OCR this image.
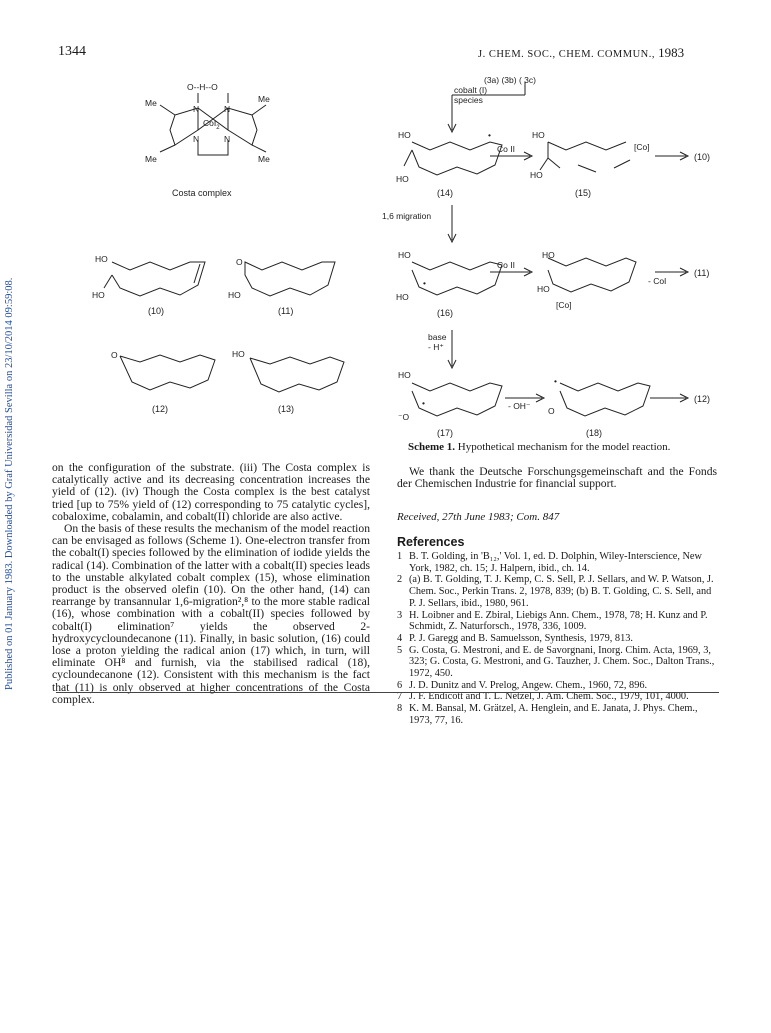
Published on 01 January 1983. Downloaded by Graf Universidad Sevilla on 23/10/2014 09:59:08.
1344	J. CHEM. SOC., CHEM. COMMUN., 1983
O--H--O
Me	Me
Me	Me
N	N
N	N
CoI$_2$
Costa complex
HO
HO
(10)
O
HO
(11)
O
(12)
HO
(13)
(3a) (3b) ( 3c)
cobalt (I)
species
HO
HO
•
Co II
(14)
HO
HO
[Co]
(10)
(15)
1,6 migration
HO
HO
•
Co II
(16)
HO
HO
[Co]
- CoI
(11)
base
- H⁺
HO
⁻O
•	- OH⁻ O
•
(12)
(17)	(18)
Scheme 1. Hypothetical mechanism for the model reaction.

on the configuration of the substrate. (iii) The Costa complex is catalytically active and its decreasing concentration increases the yield of (12). (iv) Though the Costa complex is the best catalyst tried [up to 75% yield of (12) corresponding to 75 catalytic cycles], cobaloxime, cobalamin, and cobalt(II) chloride are also active.

On the basis of these results the mechanism of the model reaction can be envisaged as follows (Scheme 1). One-electron transfer from the cobalt(I) species followed by the elimination of iodide yields the radical (14). Combination of the latter with a cobalt(II) species leads to the unstable alkylated cobalt complex (15), whose elimination product is the observed olefin (10). On the other hand, (14) can rearrange by transannular 1,6-migration²,⁸ to the more stable radical (16), whose combination with a cobalt(II) species followed by cobalt(I) elimination⁷ yields the observed 2-hydroxycycloundecanone (11). Finally, in basic solution, (16) could lose a proton yielding the radical anion (17) which, in turn, will eliminate OH⁸ and furnish, via the stabilised radical (18), cycloundecanone (12). Consistent with this mechanism is the fact that (11) is only observed at higher concentrations of the Costa complex.

We thank the Deutsche Forschungsgemeinschaft and the Fonds der Chemischen Industrie for financial support.

Received, 27th June 1983; Com. 847
References
1 B. T. Golding, in 'B₁₂,' Vol. 1, ed. D. Dolphin, Wiley-Interscience, New York, 1982, ch. 15; J. Halpern, ibid., ch. 14.
2 (a) B. T. Golding, T. J. Kemp, C. S. Sell, P. J. Sellars, and W. P. Watson, J. Chem. Soc., Perkin Trans. 2, 1978, 839; (b) B. T. Golding, C. S. Sell, and P. J. Sellars, ibid., 1980, 961.
3 H. Loibner and E. Zbiral, Liebigs Ann. Chem., 1978, 78; H. Kunz and P. Schmidt, Z. Naturforsch., 1978, 336, 1009.
4 P. J. Garegg and B. Samuelsson, Synthesis, 1979, 813.
5 G. Costa, G. Mestroni, and E. de Savorgnani, Inorg. Chim. Acta, 1969, 3, 323; G. Costa, G. Mestroni, and G. Tauzher, J. Chem. Soc., Dalton Trans., 1972, 450.
6 J. D. Dunitz and V. Prelog, Angew. Chem., 1960, 72, 896.
7 J. F. Endicott and T. L. Netzel, J. Am. Chem. Soc., 1979, 101, 4000.
8 K. M. Bansal, M. Grätzel, A. Henglein, and E. Janata, J. Phys. Chem., 1973, 77, 16.
